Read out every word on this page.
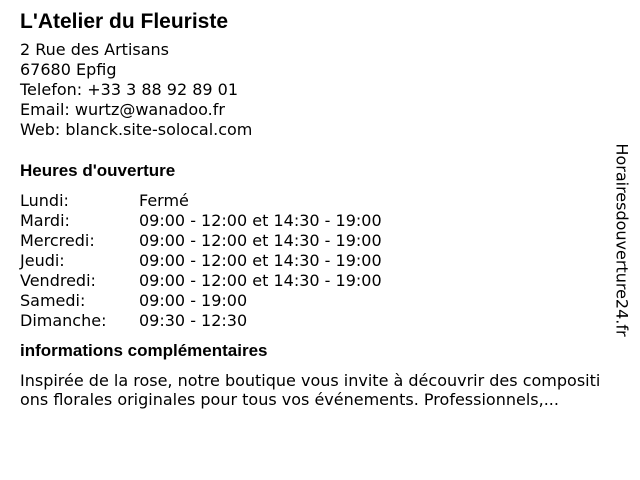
L'Atelier du Fleuriste
2 Rue des Artisans
67680 Epfig
Telefon: +33 3 88 92 89 01
Email: wurtz@wanadoo.fr
Web: blanck.site-solocal.com
Heures d'ouverture
Lundi:	Fermé
Mardi:	09:00 - 12:00 et 14:30 - 19:00
Mercredi:	09:00 - 12:00 et 14:30 - 19:00
Jeudi:	09:00 - 12:00 et 14:30 - 19:00
Vendredi:	09:00 - 12:00 et 14:30 - 19:00
Samedi:	09:00 - 19:00
Dimanche:	09:30 - 12:30
informations complémentaires
Inspirée de la rose, notre boutique vous invite à découvrir des compositions florales originales pour tous vos événements. Professionnels,...
Horairesdouverture24.fr
